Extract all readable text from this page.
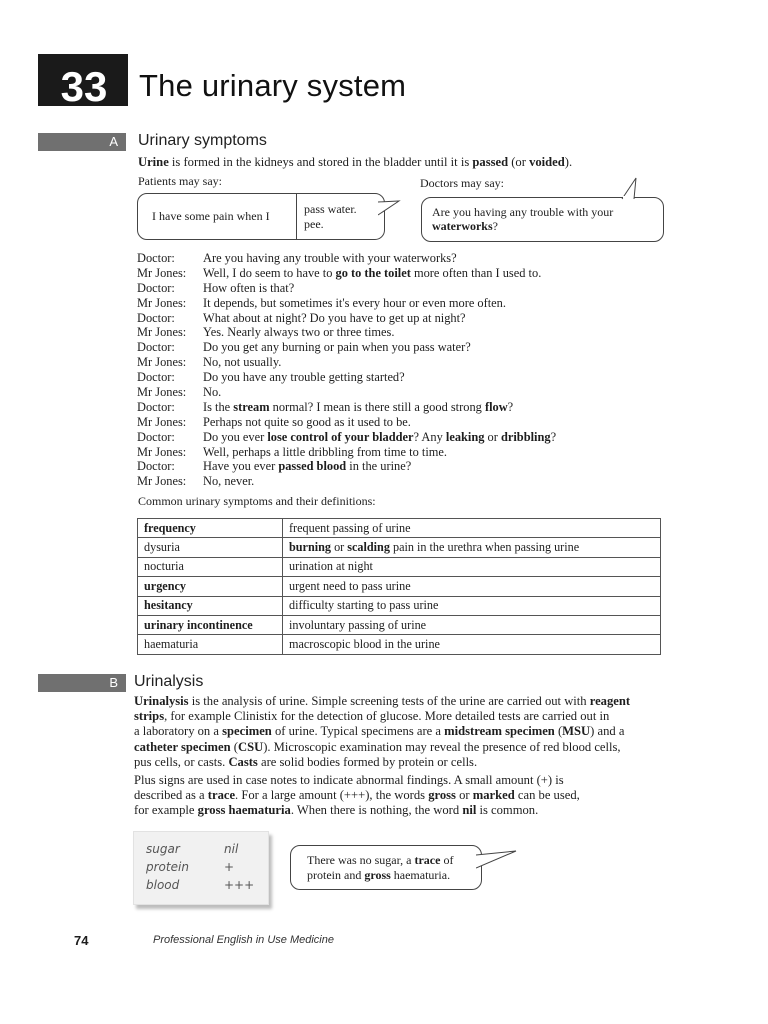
33	The urinary system
A Urinary symptoms
Urine is formed in the kidneys and stored in the bladder until it is passed (or voided).
Patients may say:	Doctors may say:
I have some pain when I	pass water.
pee.
Are you having any trouble with your
waterworks?
Doctor:	Are you having any trouble with your waterworks?
Mr Jones:	Well, I do seem to have to go to the toilet more often than I used to.
Doctor:	How often is that?
Mr Jones:	It depends, but sometimes it's every hour or even more often.
Doctor:	What about at night? Do you have to get up at night?
Mr Jones:	Yes. Nearly always two or three times.
Doctor:	Do you get any burning or pain when you pass water?
Mr Jones:	No, not usually.
Doctor:	Do you have any trouble getting started?
Mr Jones:	No.
Doctor:	Is the stream normal? I mean is there still a good strong flow?
Mr Jones:	Perhaps not quite so good as it used to be.
Doctor:	Do you ever lose control of your bladder? Any leaking or dribbling?
Mr Jones:	Well, perhaps a little dribbling from time to time.
Doctor:	Have you ever passed blood in the urine?
Mr Jones:	No, never.
Common urinary symptoms and their definitions:
frequency	frequent passing of urine
dysuria	burning or scalding pain in the urethra when passing urine
nocturia	urination at night
urgency	urgent need to pass urine
hesitancy	difficulty starting to pass urine
urinary incontinence	involuntary passing of urine
haematuria	macroscopic blood in the urine
B Urinalysis
Urinalysis is the analysis of urine. Simple screening tests of the urine are carried out with reagent
strips, for example Clinistix for the detection of glucose. More detailed tests are carried out in
a laboratory on a specimen of urine. Typical specimens are a midstream specimen (MSU) and a
catheter specimen (CSU). Microscopic examination may reveal the presence of red blood cells,
pus cells, or casts. Casts are solid bodies formed by protein or cells.
Plus signs are used in case notes to indicate abnormal findings. A small amount (+) is
described as a trace. For a large amount (+++), the words gross or marked can be used,
for example gross haematuria. When there is nothing, the word nil is common.
sugar	nil
protein	+
blood	+++
There was no sugar, a trace of
protein and gross haematuria.
74	Professional English in Use Medicine
